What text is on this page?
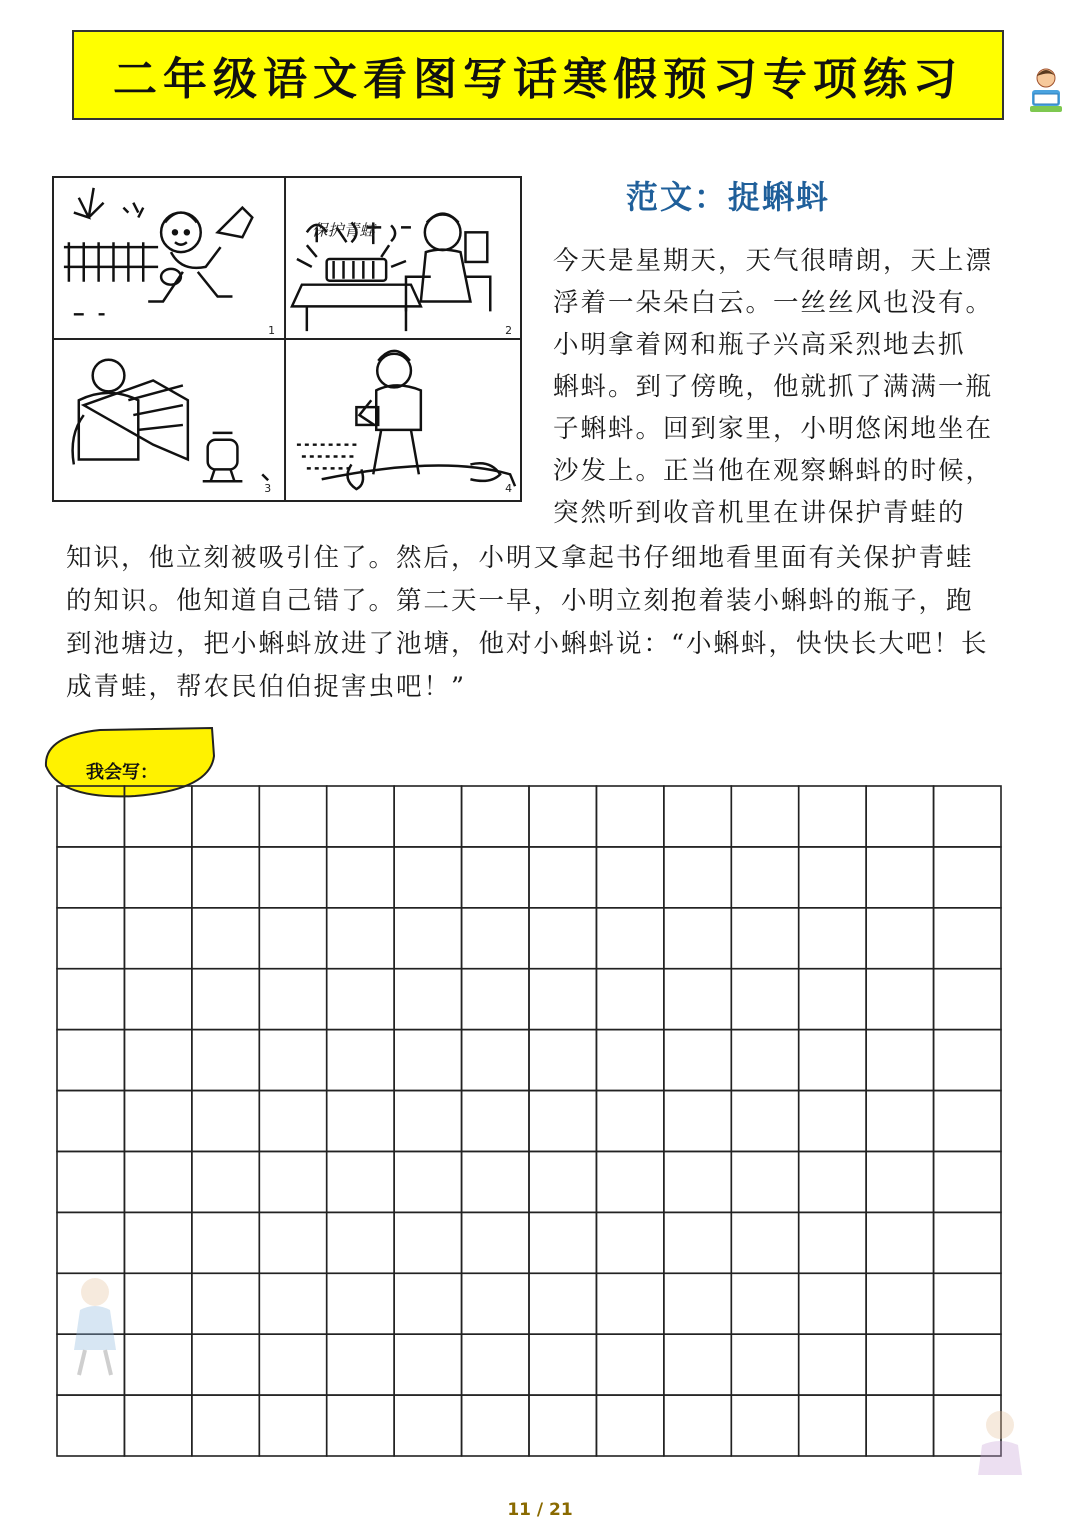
二年级语文看图写话寒假预习专项练习
1	2
3	4
保护青蛙
范文：捉蝌蚪
今天是星期天，天气很晴朗，天上漂
浮着一朵朵白云。一丝丝风也没有。
小明拿着网和瓶子兴高采烈地去抓
蝌蚪。到了傍晚，他就抓了满满一瓶
子蝌蚪。回到家里，小明悠闲地坐在
沙发上。正当他在观察蝌蚪的时候，
突然听到收音机里在讲保护青蛙的
知识，他立刻被吸引住了。然后，小明又拿起书仔细地看里面有关保护青蛙
的知识。他知道自己错了。第二天一早，小明立刻抱着装小蝌蚪的瓶子，跑
到池塘边，把小蝌蚪放进了池塘，他对小蝌蚪说：“小蝌蚪，快快长大吧！长
成青蛙，帮农民伯伯捉害虫吧！”
我会写：
11 / 21
